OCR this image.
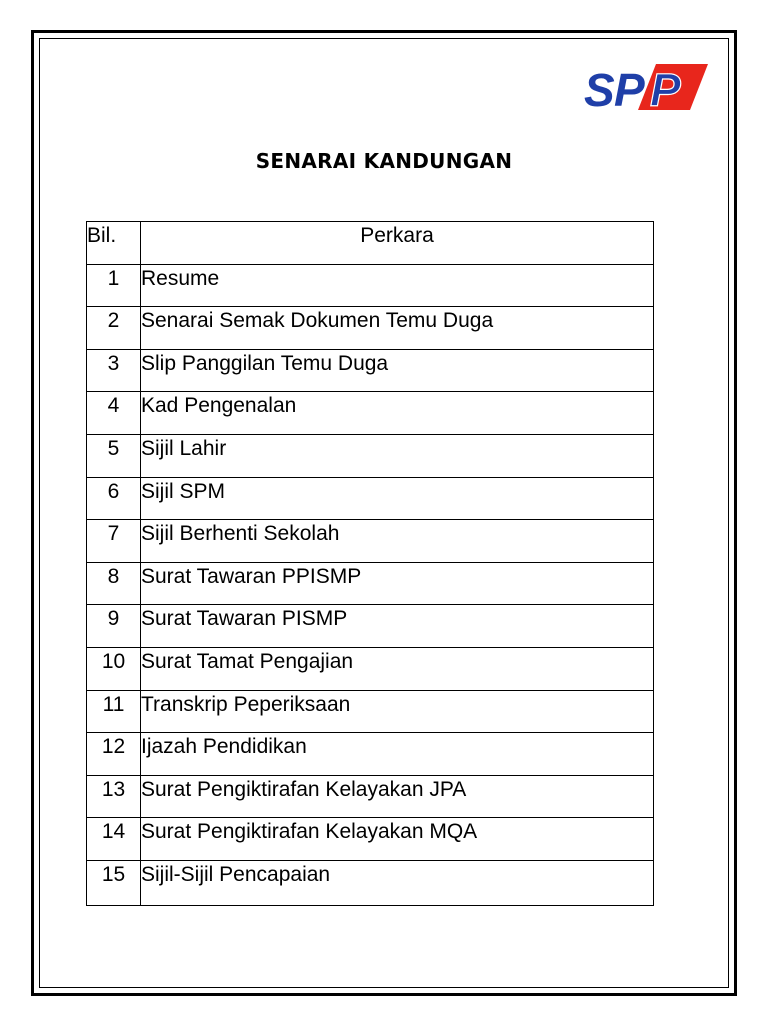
S P P
SENARAI KANDUNGAN
Bil.	Perkara
1	Resume
2	Senarai Semak Dokumen Temu Duga
3	Slip Panggilan Temu Duga
4	Kad Pengenalan
5	Sijil Lahir
6	Sijil SPM
7	Sijil Berhenti Sekolah
8	Surat Tawaran PPISMP
9	Surat Tawaran PISMP
10	Surat Tamat Pengajian
11	Transkrip Peperiksaan
12	Ijazah Pendidikan
13	Surat Pengiktirafan Kelayakan JPA
14	Surat Pengiktirafan Kelayakan MQA
15	Sijil-Sijil Pencapaian
